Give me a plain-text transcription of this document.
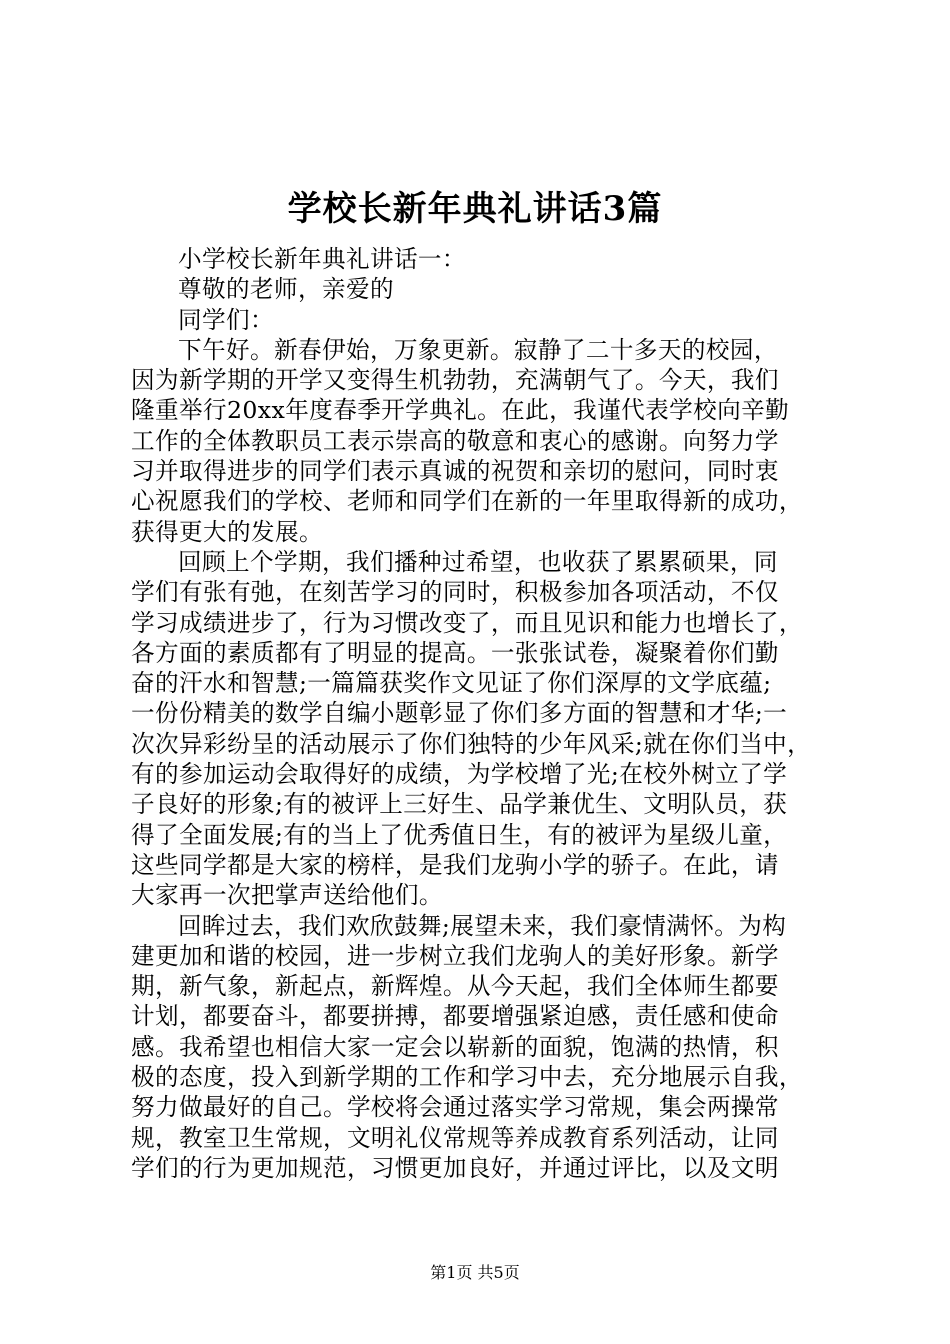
学校长新年典礼讲话3篇

小学校长新年典礼讲话一：

尊敬的老师，亲爱的

同学们：

下午好。新春伊始，万象更新。寂静了二十多天的校园，

因为新学期的开学又变得生机勃勃，充满朝气了。今天，我们

隆重举行20xx年度春季开学典礼。在此，我谨代表学校向辛勤

工作的全体教职员工表示崇高的敬意和衷心的感谢。向努力学

习并取得进步的同学们表示真诚的祝贺和亲切的慰问，同时衷

心祝愿我们的学校、老师和同学们在新的一年里取得新的成功，

获得更大的发展。

回顾上个学期，我们播种过希望，也收获了累累硕果，同

学们有张有弛，在刻苦学习的同时，积极参加各项活动，不仅

学习成绩进步了，行为习惯改变了，而且见识和能力也增长了，

各方面的素质都有了明显的提高。一张张试卷，凝聚着你们勤

奋的汗水和智慧;一篇篇获奖作文见证了你们深厚的文学底蕴;

一份份精美的数学自编小题彰显了你们多方面的智慧和才华;一

次次异彩纷呈的活动展示了你们独特的少年风采;就在你们当中，

有的参加运动会取得好的成绩，为学校增了光;在校外树立了学

子良好的形象;有的被评上三好生、品学兼优生、文明队员，获

得了全面发展;有的当上了优秀值日生，有的被评为星级儿童，

这些同学都是大家的榜样，是我们龙驹小学的骄子。在此，请

大家再一次把掌声送给他们。

回眸过去，我们欢欣鼓舞;展望未来，我们豪情满怀。为构

建更加和谐的校园，进一步树立我们龙驹人的美好形象。新学

期，新气象，新起点，新辉煌。从今天起，我们全体师生都要

计划，都要奋斗，都要拼搏，都要增强紧迫感，责任感和使命

感。我希望也相信大家一定会以崭新的面貌，饱满的热情，积

极的态度，投入到新学期的工作和学习中去，充分地展示自我，

努力做最好的自己。学校将会通过落实学习常规，集会两操常

规，教室卫生常规，文明礼仪常规等养成教育系列活动，让同

学们的行为更加规范，习惯更加良好，并通过评比，以及文明

第1页 共5页
